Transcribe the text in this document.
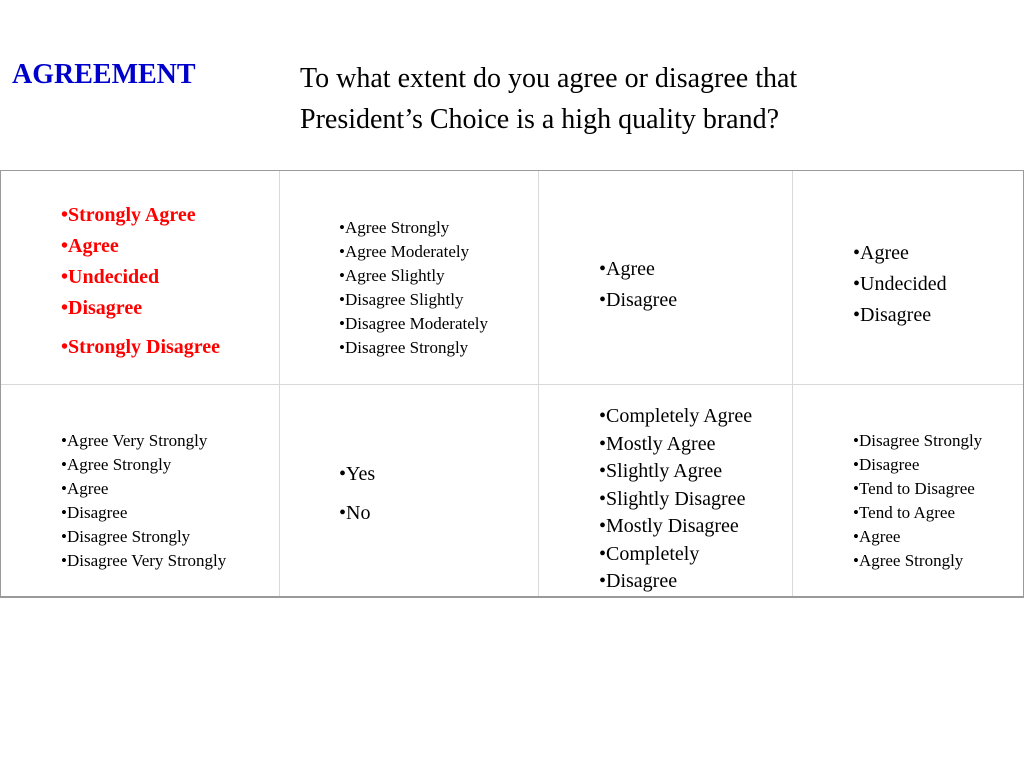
AGREEMENT	To what extent do you agree or disagree that
President’s Choice is a high quality brand?

•Strongly Agree
•Agree
•Undecided
•Disagree
•Strongly Disagree
•Agree Strongly
•Agree Moderately
•Agree Slightly
•Disagree Slightly
•Disagree Moderately
•Disagree Strongly
•Agree
•Disagree
•Agree
•Undecided
•Disagree
•Agree Very Strongly
•Agree Strongly
•Agree
•Disagree
•Disagree Strongly
•Disagree Very Strongly
•Yes
•No
•Completely Agree
•Mostly Agree
•Slightly Agree
•Slightly Disagree
•Mostly Disagree
•Completely
•Disagree
•Disagree Strongly
•Disagree
•Tend to Disagree
•Tend to Agree
•Agree
•Agree Strongly
